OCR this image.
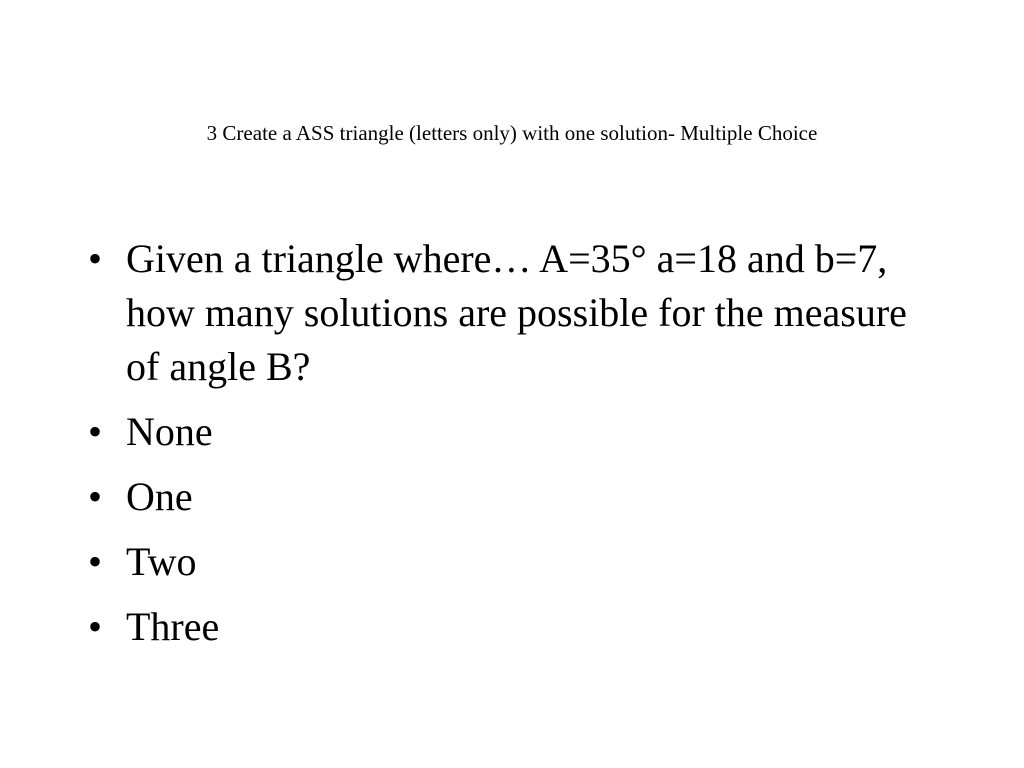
3 Create a ASS triangle (letters only) with one solution- Multiple Choice
• Given a triangle where… A=35° a=18 and b=7, how many solutions are possible for the measure of angle B?
• None
• One
• Two
• Three
